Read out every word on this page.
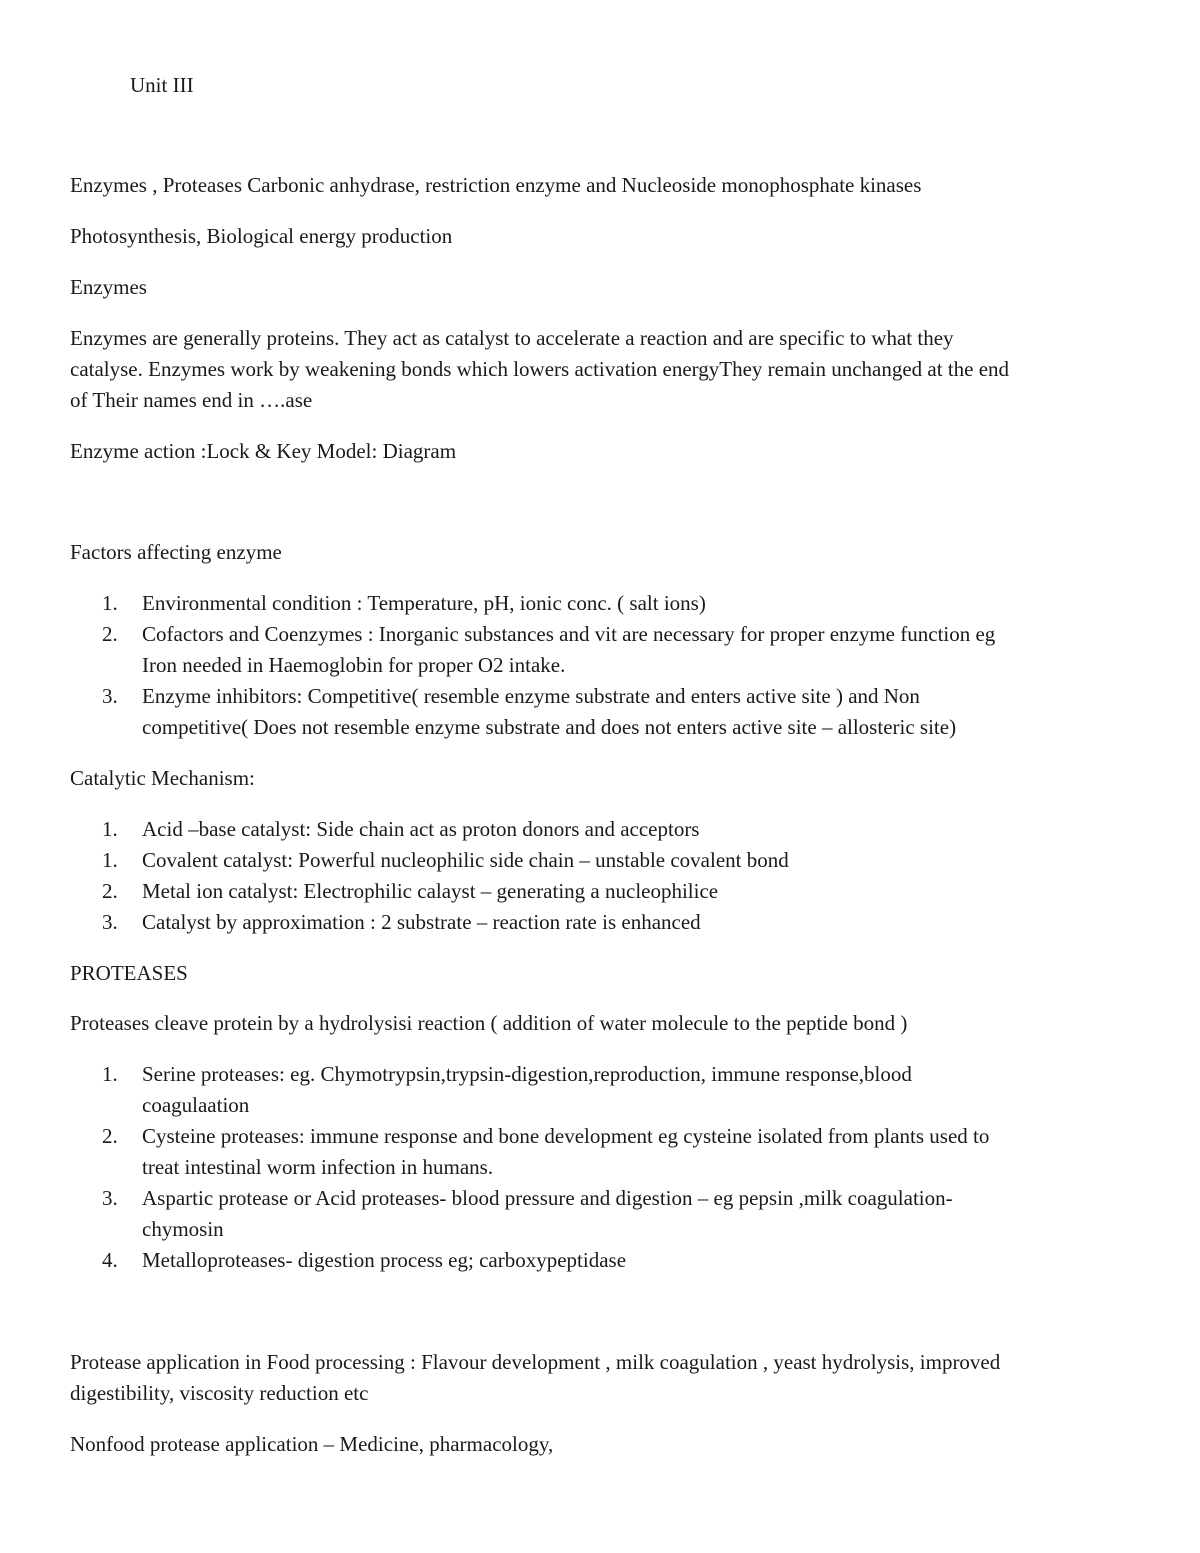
Unit III
Enzymes , Proteases Carbonic anhydrase, restriction enzyme and Nucleoside monophosphate kinases
Photosynthesis, Biological energy production
Enzymes
Enzymes are generally proteins. They act as catalyst to accelerate a reaction and are specific to what they
catalyse. Enzymes work by weakening bonds which lowers activation energyThey remain unchanged at the end
of Their names end in ….ase
Enzyme action :Lock & Key Model: Diagram
Factors affecting enzyme
1.	Environmental condition : Temperature, pH, ionic conc. ( salt ions)
2.	Cofactors and Coenzymes : Inorganic substances and vit are necessary for proper enzyme function eg
Iron needed in Haemoglobin for proper O2 intake.
3.	Enzyme inhibitors: Competitive( resemble enzyme substrate and enters active site ) and Non
competitive( Does not resemble enzyme substrate and does not enters active site – allosteric site)
Catalytic Mechanism:
1.	Acid –base catalyst: Side chain act as proton donors and acceptors
1.	Covalent catalyst: Powerful nucleophilic side chain – unstable covalent bond
2.	Metal ion catalyst: Electrophilic calayst – generating a nucleophilice
3.	Catalyst by approximation : 2 substrate – reaction rate is enhanced
PROTEASES
Proteases cleave protein by a hydrolysisi reaction ( addition of water molecule to the peptide bond )
1.	Serine proteases: eg. Chymotrypsin,trypsin-digestion,reproduction, immune response,blood
coagulaation
2.	Cysteine proteases: immune response and bone development eg cysteine isolated from plants used to
treat intestinal worm infection in humans.
3.	Aspartic protease or Acid proteases- blood pressure and digestion – eg pepsin ,milk coagulation-
chymosin
4.	Metalloproteases- digestion process eg; carboxypeptidase
Protease application in Food processing : Flavour development , milk coagulation , yeast hydrolysis, improved
digestibility, viscosity reduction etc
Nonfood protease application – Medicine, pharmacology,
